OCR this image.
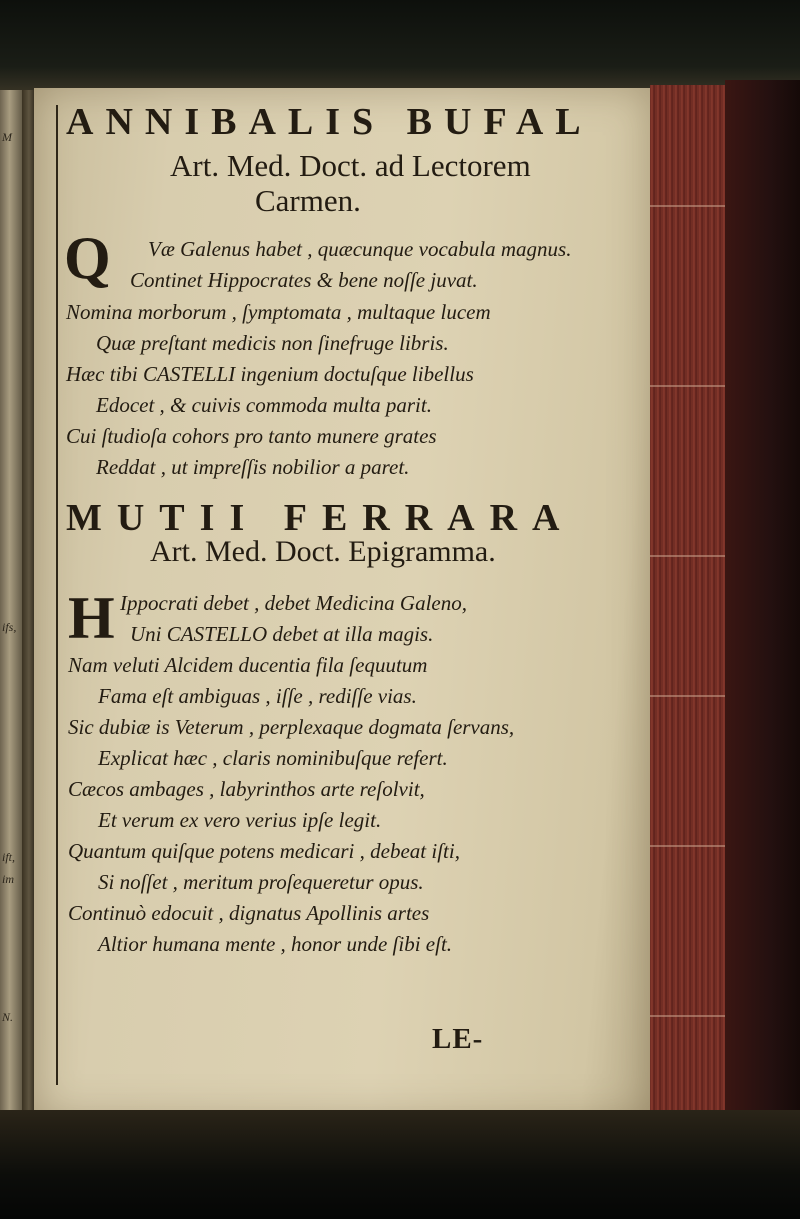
M
ifs,
ift,
im
N.
ANNIBALIS BUFAL
Art. Med. Doct. ad Lectorem
Carmen.
Q Væ Galenus habet , quæcunque vocabula magnus.
Continet Hippocrates & bene noſſe juvat.
Nomina morborum , ſymptomata , multaque lucem
Quæ preſtant medicis non ſinefruge libris.
Hæc tibi CASTELLI ingenium doctuſque libellus
Edocet , & cuivis commoda multa parit.
Cui ſtudioſa cohors pro tanto munere grates
Reddat , ut impreſſis nobilior a paret.
MUTII FERRARA
Art. Med. Doct. Epigramma.
H Ippocrati debet , debet Medicina Galeno,
Uni CASTELLO debet at illa magis.
Nam veluti Alcidem ducentia fila ſequutum
Fama eſt ambiguas , iſſe , rediſſe vias.
Sic dubiæ is Veterum , perplexaque dogmata ſervans,
Explicat hæc , claris nominibuſque refert.
Cæcos ambages , labyrinthos arte reſolvit,
Et verum ex vero verius ipſe legit.
Quantum quiſque potens medicari , debeat iſti,
Si noſſet , meritum proſequeretur opus.
Continuò edocuit , dignatus Apollinis artes
Altior humana mente , honor unde ſibi eſt.
LE-
